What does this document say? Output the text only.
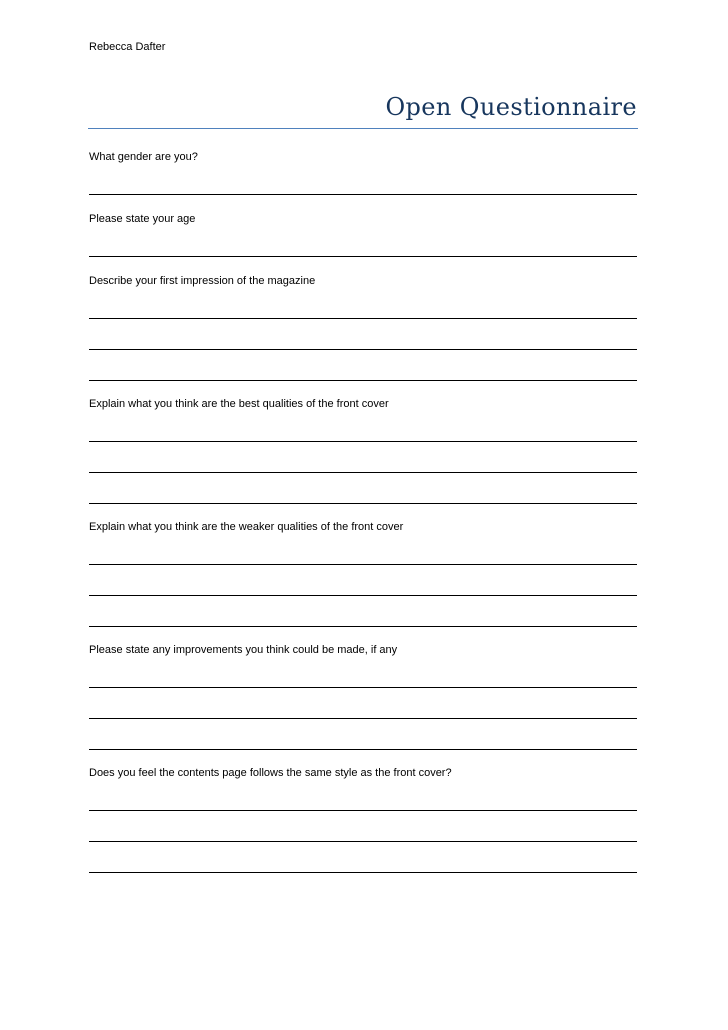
Rebecca Dafter
Open Questionnaire
What gender are you?
Please state your age
Describe your first impression of the magazine
Explain what you think are the best qualities of the front cover
Explain what you think are the weaker qualities of the front cover
Please state any improvements you think could be made, if any
Does you feel the contents page follows the same style as the front cover?
